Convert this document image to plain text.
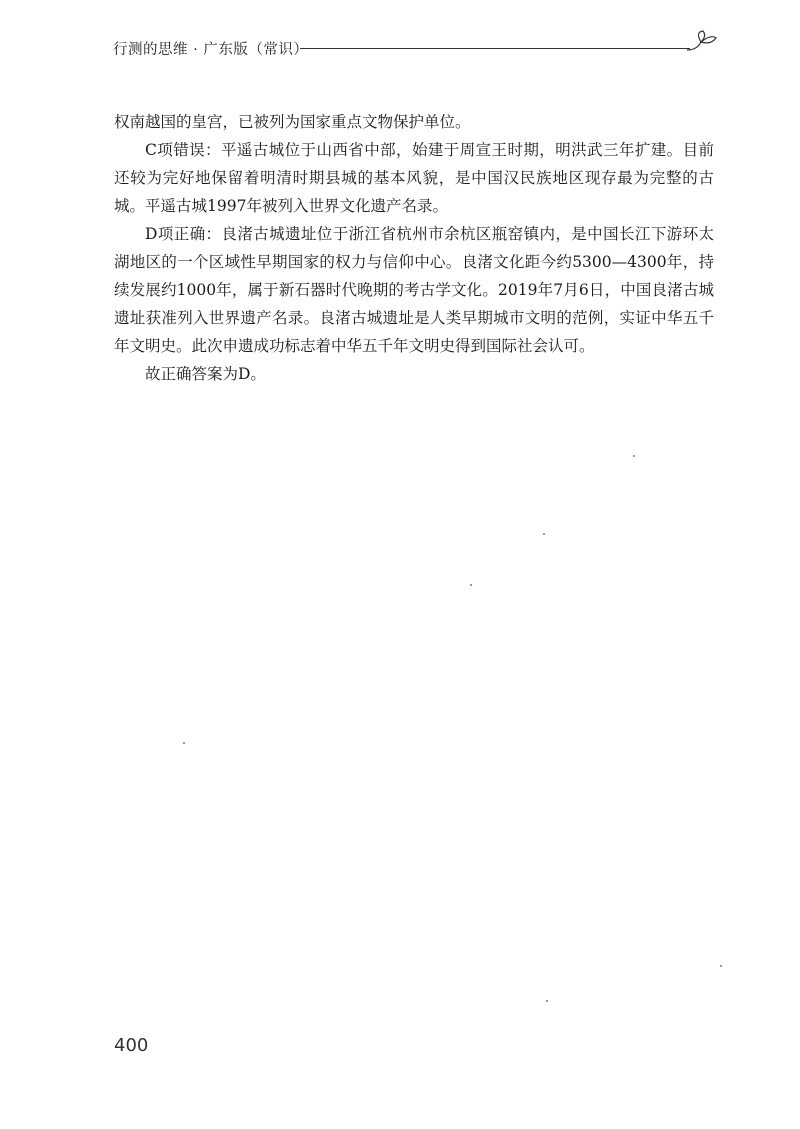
行测的思维 · 广东版（常识）

权南越国的皇宫，已被列为国家重点文物保护单位。

C项错误：平遥古城位于山西省中部，始建于周宣王时期，明洪武三年扩建。目前还较为完好地保留着明清时期县城的基本风貌，是中国汉民族地区现存最为完整的古城。平遥古城1997年被列入世界文化遗产名录。

D项正确：良渚古城遗址位于浙江省杭州市余杭区瓶窑镇内，是中国长江下游环太湖地区的一个区域性早期国家的权力与信仰中心。良渚文化距今约5300—4300年，持续发展约1000年，属于新石器时代晚期的考古学文化。2019年7月6日，中国良渚古城遗址获准列入世界遗产名录。良渚古城遗址是人类早期城市文明的范例，实证中华五千年文明史。此次申遗成功标志着中华五千年文明史得到国际社会认可。

故正确答案为D。

400
